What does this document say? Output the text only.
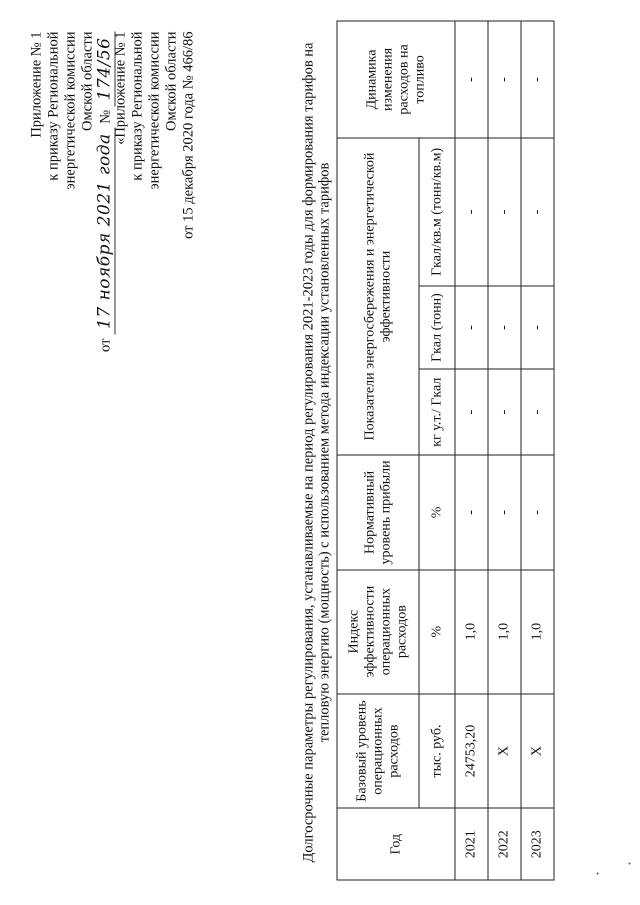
Приложение № 1 к приказу Региональной энергетической комиссии Омской области
от 17 ноября 2021 года № 174/56
«Приложение № 1 к приказу Региональной энергетической комиссии Омской области от 15 декабря 2020 года № 466/86	Долгосрочные параметры регулирования, устанавливаемые на период регулирования 2021-2023 годы для формирования тарифов на тепловую энергию (мощность) с использованием метода индексации установленных тарифов
Год	Базовый уровень операционных расходов	Индекс эффективности операционных расходов	Нормативный уровень прибыли	Показатели энергосбережения и энергетической эффективности			Динамика изменения расходов на топливо
	тыс. руб.	%	%	кг у.т./ Гкал	Гкал (тонн)	Гкал/кв.м (тонн/кв.м)	
2021	24753,20	1,0	-	-	-	-	-
2022	Х	1,0	-	-	-	-	-
2023	Х	1,0	-	-	-	-	-
